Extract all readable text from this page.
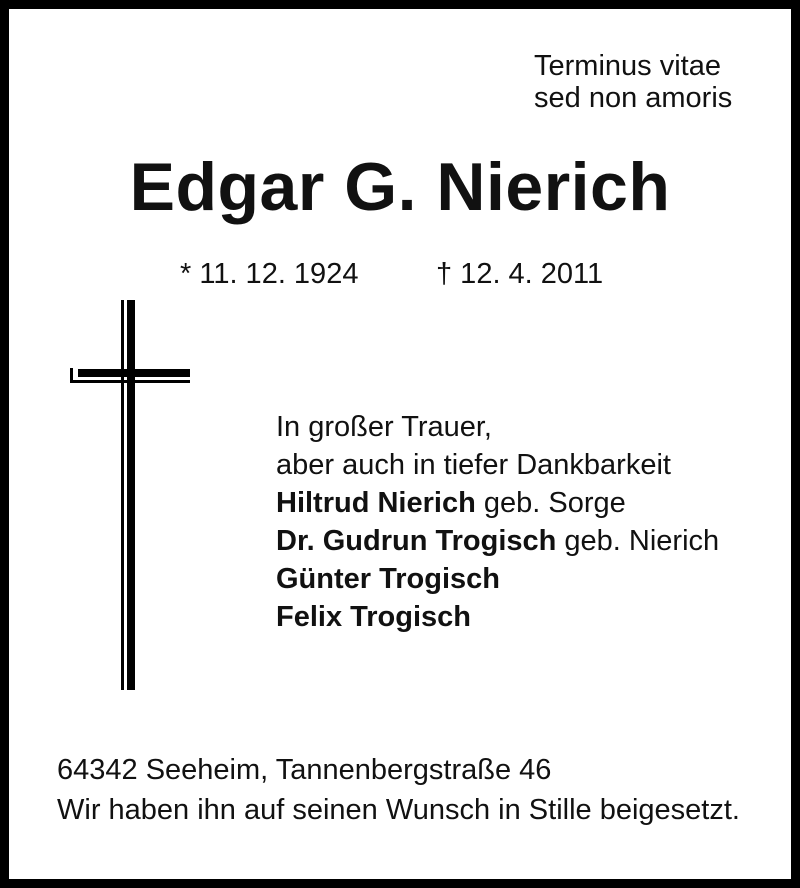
Terminus vitae
sed non amoris
Edgar G. Nierich
* 11. 12. 1924	† 12. 4. 2011
In großer Trauer,
aber auch in tiefer Dankbarkeit
Hiltrud Nierich geb. Sorge
Dr. Gudrun Trogisch geb. Nierich
Günter Trogisch
Felix Trogisch
64342 Seeheim, Tannenbergstraße 46
Wir haben ihn auf seinen Wunsch in Stille beigesetzt.
